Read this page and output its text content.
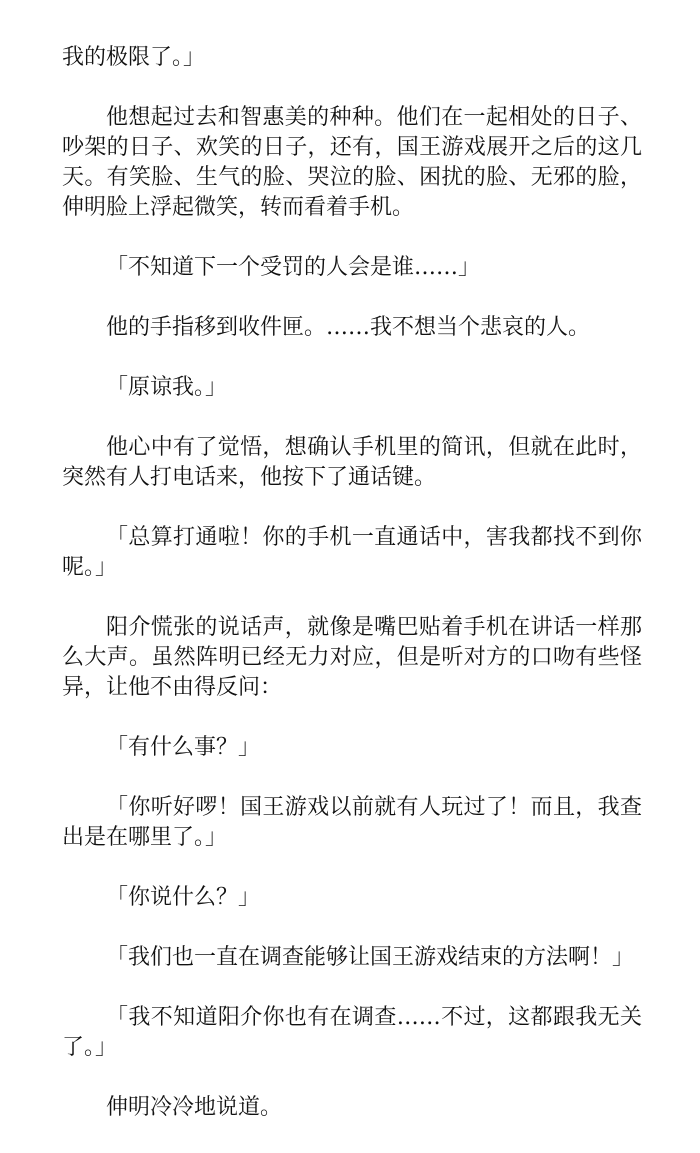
我的极限了。」

他想起过去和智惠美的种种。他们在一起相处的日子、吵架的日子、欢笑的日子，还有，国王游戏展开之后的这几天。有笑脸、生气的脸、哭泣的脸、困扰的脸、无邪的脸，伸明脸上浮起微笑，转而看着手机。

「不知道下一个受罚的人会是谁……」

他的手指移到收件匣。……我不想当个悲哀的人。

「原谅我。」

他心中有了觉悟，想确认手机里的简讯，但就在此时，突然有人打电话来，他按下了通话键。

「总算打通啦！你的手机一直通话中，害我都找不到你呢。」

阳介慌张的说话声，就像是嘴巴贴着手机在讲话一样那么大声。虽然阵明已经无力对应，但是听对方的口吻有些怪异，让他不由得反问：

「有什么事？」

「你听好啰！国王游戏以前就有人玩过了！而且，我查出是在哪里了。」

「你说什么？」

「我们也一直在调查能够让国王游戏结束的方法啊！」

「我不知道阳介你也有在调查……不过，这都跟我无关了。」

伸明冷冷地说道。
